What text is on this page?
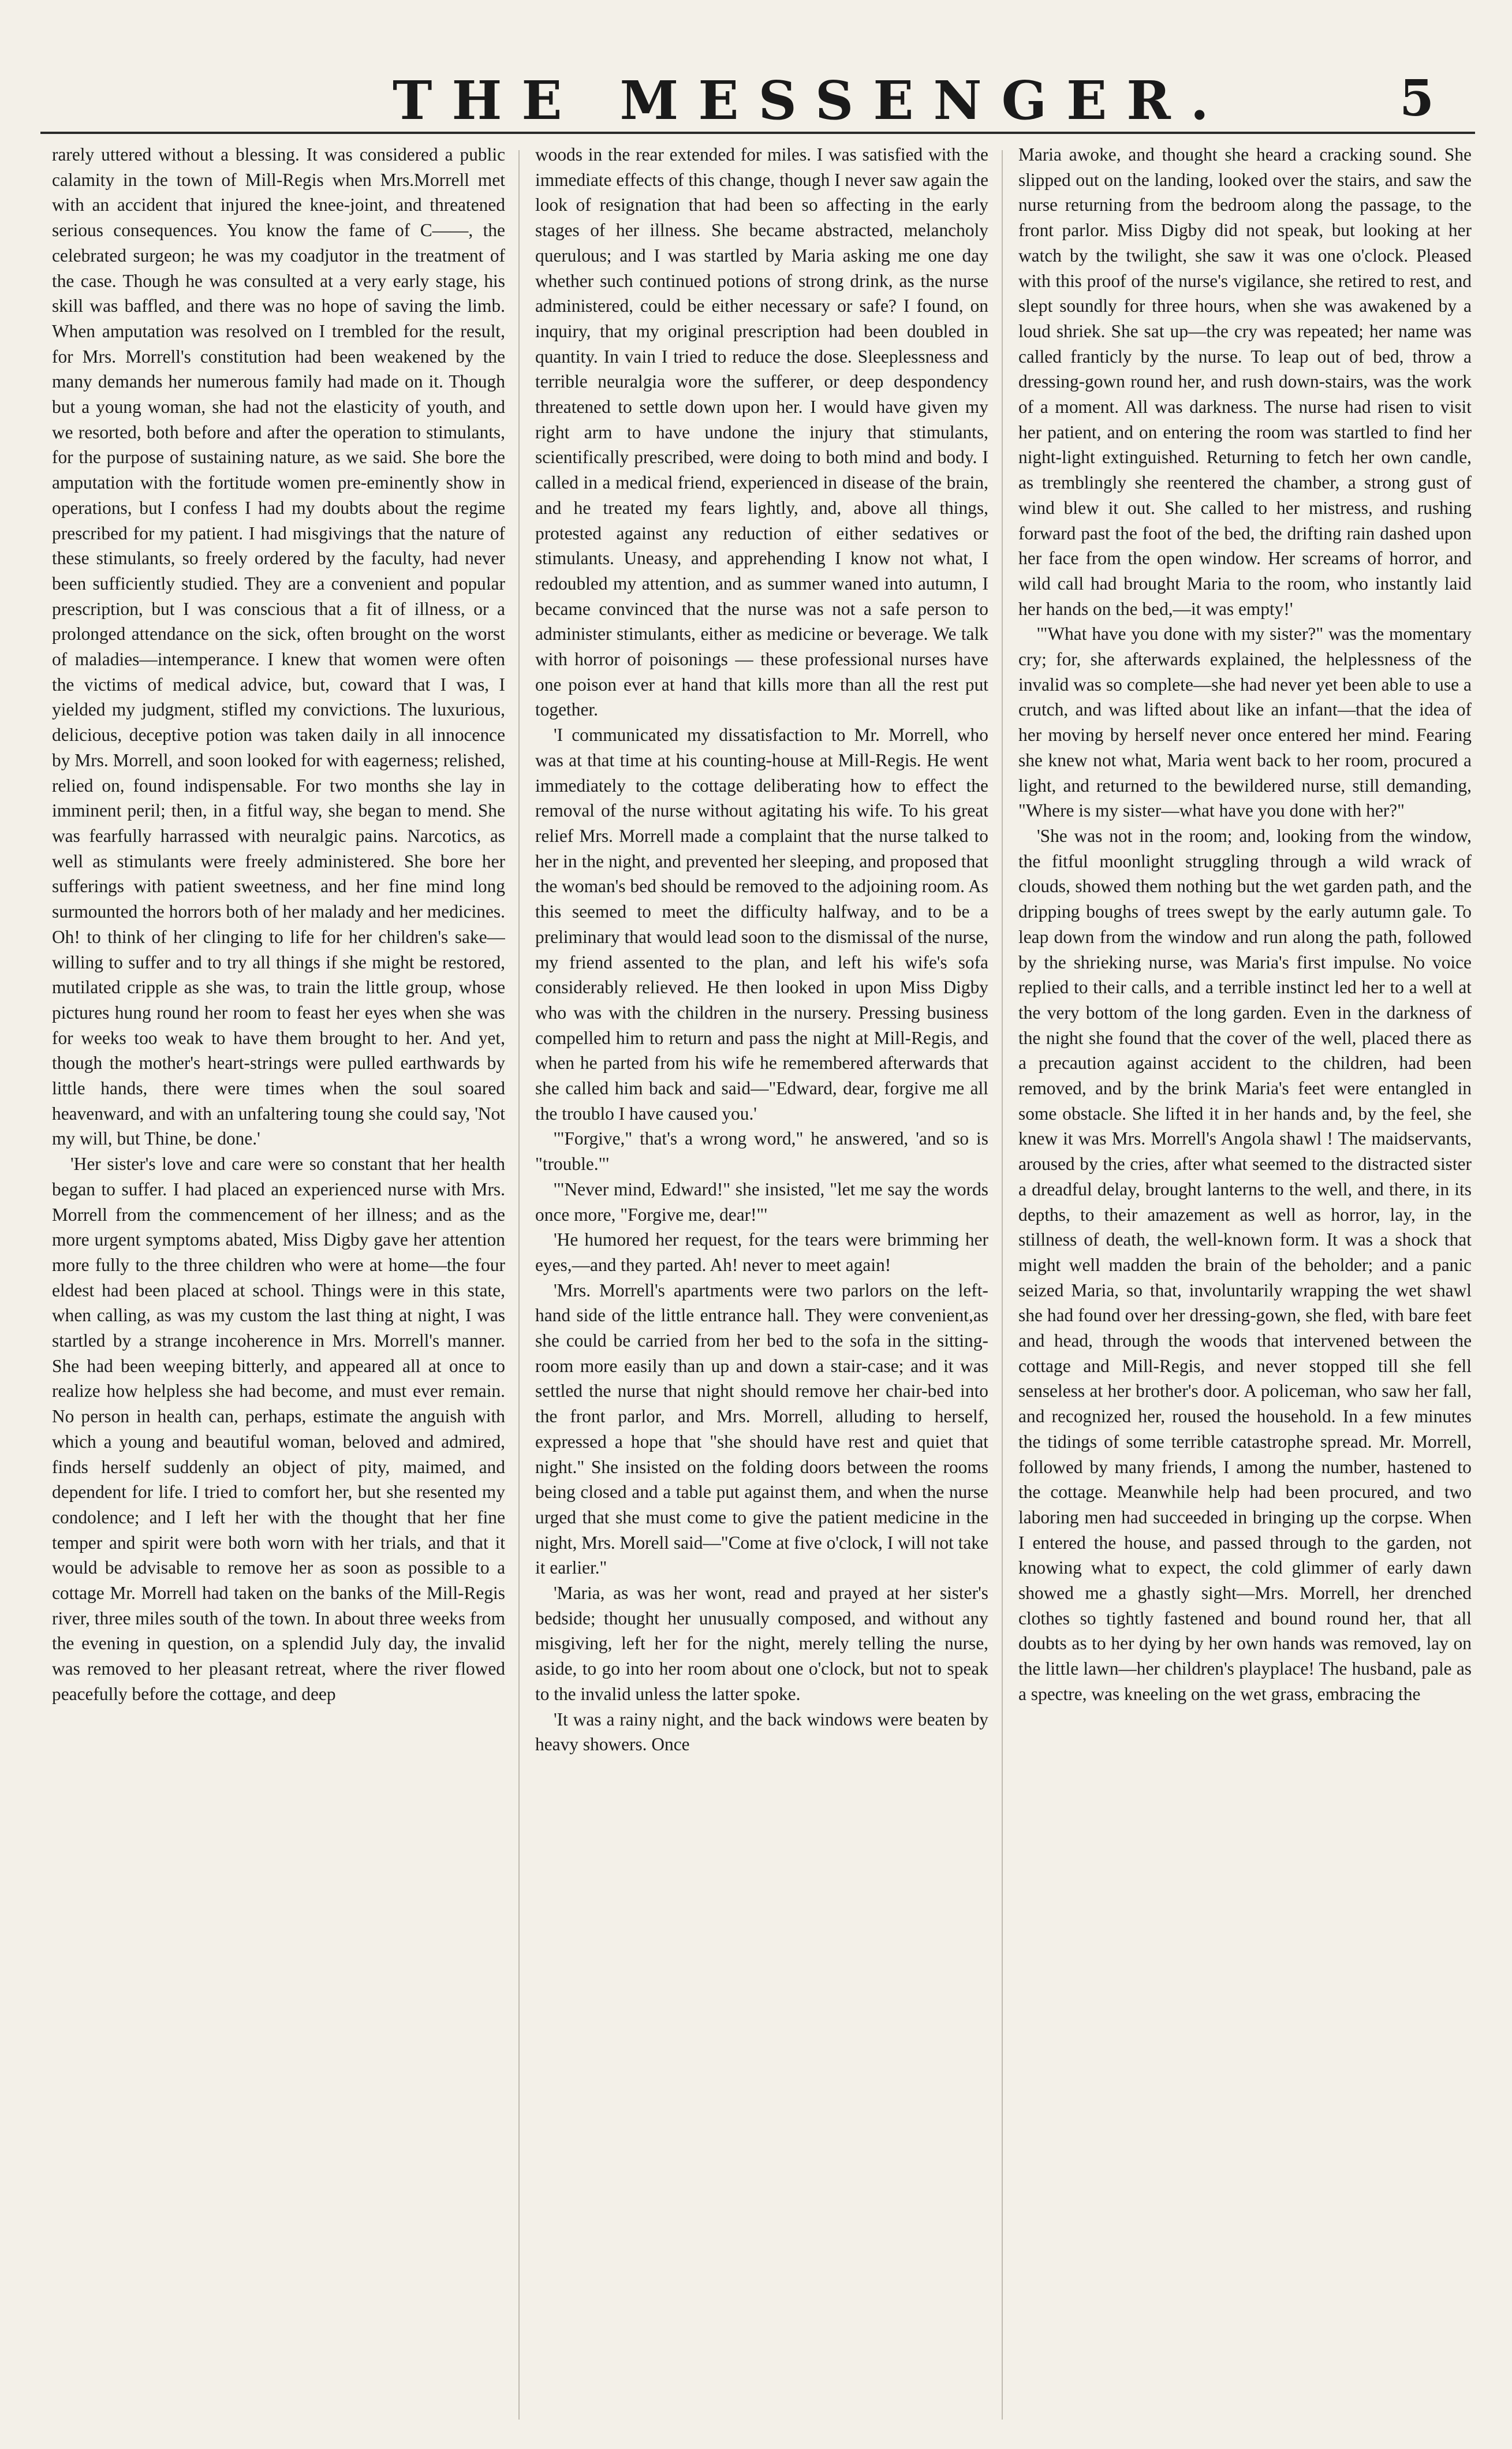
THE MESSENGER.	5

rarely uttered without a blessing. It was considered a public calamity in the town of Mill-Regis when Mrs.Morrell met with an accident that injured the knee-joint, and threatened serious consequences. You know the fame of C——, the celebrated surgeon; he was my coadjutor in the treatment of the case. Though he was consulted at a very early stage, his skill was baffled, and there was no hope of saving the limb. When amputation was resolved on I trembled for the result, for Mrs. Morrell's constitution had been weakened by the many demands her numerous family had made on it. Though but a young woman, she had not the elasticity of youth, and we resorted, both before and after the operation to stimulants, for the purpose of sustaining nature, as we said. She bore the amputation with the fortitude women pre-eminently show in operations, but I confess I had my doubts about the regime prescribed for my patient. I had misgivings that the nature of these stimulants, so freely ordered by the faculty, had never been sufficiently studied. They are a convenient and popular prescription, but I was conscious that a fit of illness, or a prolonged attendance on the sick, often brought on the worst of maladies—intemperance. I knew that women were often the victims of medical advice, but, coward that I was, I yielded my judgment, stifled my convictions. The luxurious, delicious, deceptive potion was taken daily in all innocence by Mrs. Morrell, and soon looked for with eagerness; relished, relied on, found indispensable. For two months she lay in imminent peril; then, in a fitful way, she began to mend. She was fearfully harrassed with neuralgic pains. Narcotics, as well as stimulants were freely administered. She bore her sufferings with patient sweetness, and her fine mind long surmounted the horrors both of her malady and her medicines. Oh! to think of her clinging to life for her children's sake—willing to suffer and to try all things if she might be restored, mutilated cripple as she was, to train the little group, whose pictures hung round her room to feast her eyes when she was for weeks too weak to have them brought to her. And yet, though the mother's heart-strings were pulled earthwards by little hands, there were times when the soul soared heavenward, and with an unfaltering toung she could say, 'Not my will, but Thine, be done.'

'Her sister's love and care were so constant that her health began to suffer. I had placed an experienced nurse with Mrs. Morrell from the commencement of her illness; and as the more urgent symptoms abated, Miss Digby gave her attention more fully to the three children who were at home—the four eldest had been placed at school. Things were in this state, when calling, as was my custom the last thing at night, I was startled by a strange incoherence in Mrs. Morrell's manner. She had been weeping bitterly, and appeared all at once to realize how helpless she had become, and must ever remain. No person in health can, perhaps, estimate the anguish with which a young and beautiful woman, beloved and admired, finds herself suddenly an object of pity, maimed, and dependent for life. I tried to comfort her, but she resented my condolence; and I left her with the thought that her fine temper and spirit were both worn with her trials, and that it would be advisable to remove her as soon as possible to a cottage Mr. Morrell had taken on the banks of the Mill-Regis river, three miles south of the town. In about three weeks from the evening in question, on a splendid July day, the invalid was removed to her pleasant retreat, where the river flowed peacefully before the cottage, and deep

woods in the rear extended for miles. I was satisfied with the immediate effects of this change, though I never saw again the look of resignation that had been so affecting in the early stages of her illness. She became abstracted, melancholy querulous; and I was startled by Maria asking me one day whether such continued potions of strong drink, as the nurse administered, could be either necessary or safe? I found, on inquiry, that my original prescription had been doubled in quantity. In vain I tried to reduce the dose. Sleeplessness and terrible neuralgia wore the sufferer, or deep despondency threatened to settle down upon her. I would have given my right arm to have undone the injury that stimulants, scientifically prescribed, were doing to both mind and body. I called in a medical friend, experienced in disease of the brain, and he treated my fears lightly, and, above all things, protested against any reduction of either sedatives or stimulants. Uneasy, and apprehending I know not what, I redoubled my attention, and as summer waned into autumn, I became convinced that the nurse was not a safe person to administer stimulants, either as medicine or beverage. We talk with horror of poisonings — these professional nurses have one poison ever at hand that kills more than all the rest put together.

'I communicated my dissatisfaction to Mr. Morrell, who was at that time at his counting-house at Mill-Regis. He went immediately to the cottage deliberating how to effect the removal of the nurse without agitating his wife. To his great relief Mrs. Morrell made a complaint that the nurse talked to her in the night, and prevented her sleeping, and proposed that the woman's bed should be removed to the adjoining room. As this seemed to meet the difficulty halfway, and to be a preliminary that would lead soon to the dismissal of the nurse, my friend assented to the plan, and left his wife's sofa considerably relieved. He then looked in upon Miss Digby who was with the children in the nursery. Pressing business compelled him to return and pass the night at Mill-Regis, and when he parted from his wife he remembered afterwards that she called him back and said—"Edward, dear, forgive me all the troublo I have caused you.'

'"Forgive," that's a wrong word," he answered, 'and so is "trouble."'

'"Never mind, Edward!" she insisted, "let me say the words once more, "Forgive me, dear!"'

'He humored her request, for the tears were brimming her eyes,—and they parted. Ah! never to meet again!

'Mrs. Morrell's apartments were two parlors on the left-hand side of the little entrance hall. They were convenient,as she could be carried from her bed to the sofa in the sitting-room more easily than up and down a stair-case; and it was settled the nurse that night should remove her chair-bed into the front parlor, and Mrs. Morrell, alluding to herself, expressed a hope that "she should have rest and quiet that night." She insisted on the folding doors between the rooms being closed and a table put against them, and when the nurse urged that she must come to give the patient medicine in the night, Mrs. Morell said—"Come at five o'clock, I will not take it earlier."

'Maria, as was her wont, read and prayed at her sister's bedside; thought her unusually composed, and without any misgiving, left her for the night, merely telling the nurse, aside, to go into her room about one o'clock, but not to speak to the invalid unless the latter spoke.

'It was a rainy night, and the back windows were beaten by heavy showers. Once

Maria awoke, and thought she heard a cracking sound. She slipped out on the landing, looked over the stairs, and saw the nurse returning from the bedroom along the passage, to the front parlor. Miss Digby did not speak, but looking at her watch by the twilight, she saw it was one o'clock. Pleased with this proof of the nurse's vigilance, she retired to rest, and slept soundly for three hours, when she was awakened by a loud shriek. She sat up—the cry was repeated; her name was called franticly by the nurse. To leap out of bed, throw a dressing-gown round her, and rush down-stairs, was the work of a moment. All was darkness. The nurse had risen to visit her patient, and on entering the room was startled to find her night-light extinguished. Returning to fetch her own candle, as tremblingly she reentered the chamber, a strong gust of wind blew it out. She called to her mistress, and rushing forward past the foot of the bed, the drifting rain dashed upon her face from the open window. Her screams of horror, and wild call had brought Maria to the room, who instantly laid her hands on the bed,—it was empty!'

'"What have you done with my sister?" was the momentary cry; for, she afterwards explained, the helplessness of the invalid was so complete—she had never yet been able to use a crutch, and was lifted about like an infant—that the idea of her moving by herself never once entered her mind. Fearing she knew not what, Maria went back to her room, procured a light, and returned to the bewildered nurse, still demanding, "Where is my sister—what have you done with her?"

'She was not in the room; and, looking from the window, the fitful moonlight struggling through a wild wrack of clouds, showed them nothing but the wet garden path, and the dripping boughs of trees swept by the early autumn gale. To leap down from the window and run along the path, followed by the shrieking nurse, was Maria's first impulse. No voice replied to their calls, and a terrible instinct led her to a well at the very bottom of the long garden. Even in the darkness of the night she found that the cover of the well, placed there as a precaution against accident to the children, had been removed, and by the brink Maria's feet were entangled in some obstacle. She lifted it in her hands and, by the feel, she knew it was Mrs. Morrell's Angola shawl ! The maidservants, aroused by the cries, after what seemed to the distracted sister a dreadful delay, brought lanterns to the well, and there, in its depths, to their amazement as well as horror, lay, in the stillness of death, the well-known form. It was a shock that might well madden the brain of the beholder; and a panic seized Maria, so that, involuntarily wrapping the wet shawl she had found over her dressing-gown, she fled, with bare feet and head, through the woods that intervened between the cottage and Mill-Regis, and never stopped till she fell senseless at her brother's door. A policeman, who saw her fall, and recognized her, roused the household. In a few minutes the tidings of some terrible catastrophe spread. Mr. Morrell, followed by many friends, I among the number, hastened to the cottage. Meanwhile help had been procured, and two laboring men had succeeded in bringing up the corpse. When I entered the house, and passed through to the garden, not knowing what to expect, the cold glimmer of early dawn showed me a ghastly sight—Mrs. Morrell, her drenched clothes so tightly fastened and bound round her, that all doubts as to her dying by her own hands was removed, lay on the little lawn—her children's playplace! The husband, pale as a spectre, was kneeling on the wet grass, embracing the
